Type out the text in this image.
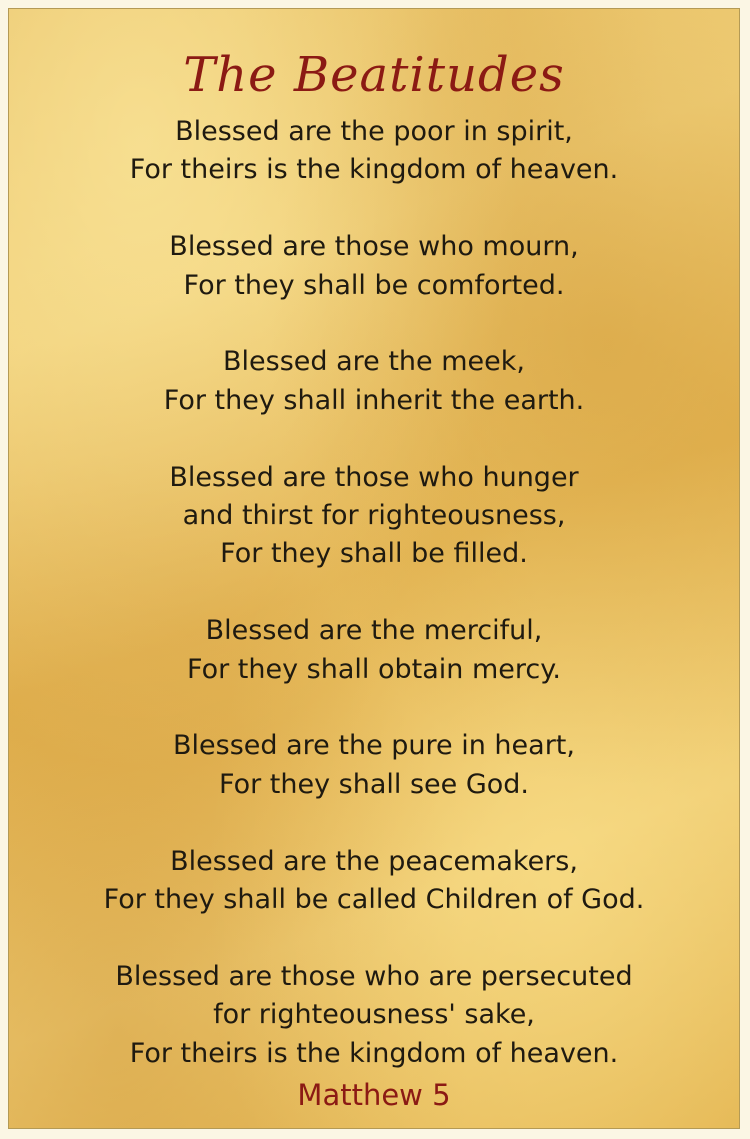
The Beatitudes
Blessed are the poor in spirit,
For theirs is the kingdom of heaven.
Blessed are those who mourn,
For they shall be comforted.
Blessed are the meek,
For they shall inherit the earth.
Blessed are those who hunger
and thirst for righteousness,
For they shall be filled.
Blessed are the merciful,
For they shall obtain mercy.
Blessed are the pure in heart,
For they shall see God.
Blessed are the peacemakers,
For they shall be called Children of God.
Blessed are those who are persecuted
for righteousness' sake,
For theirs is the kingdom of heaven.
Matthew 5
